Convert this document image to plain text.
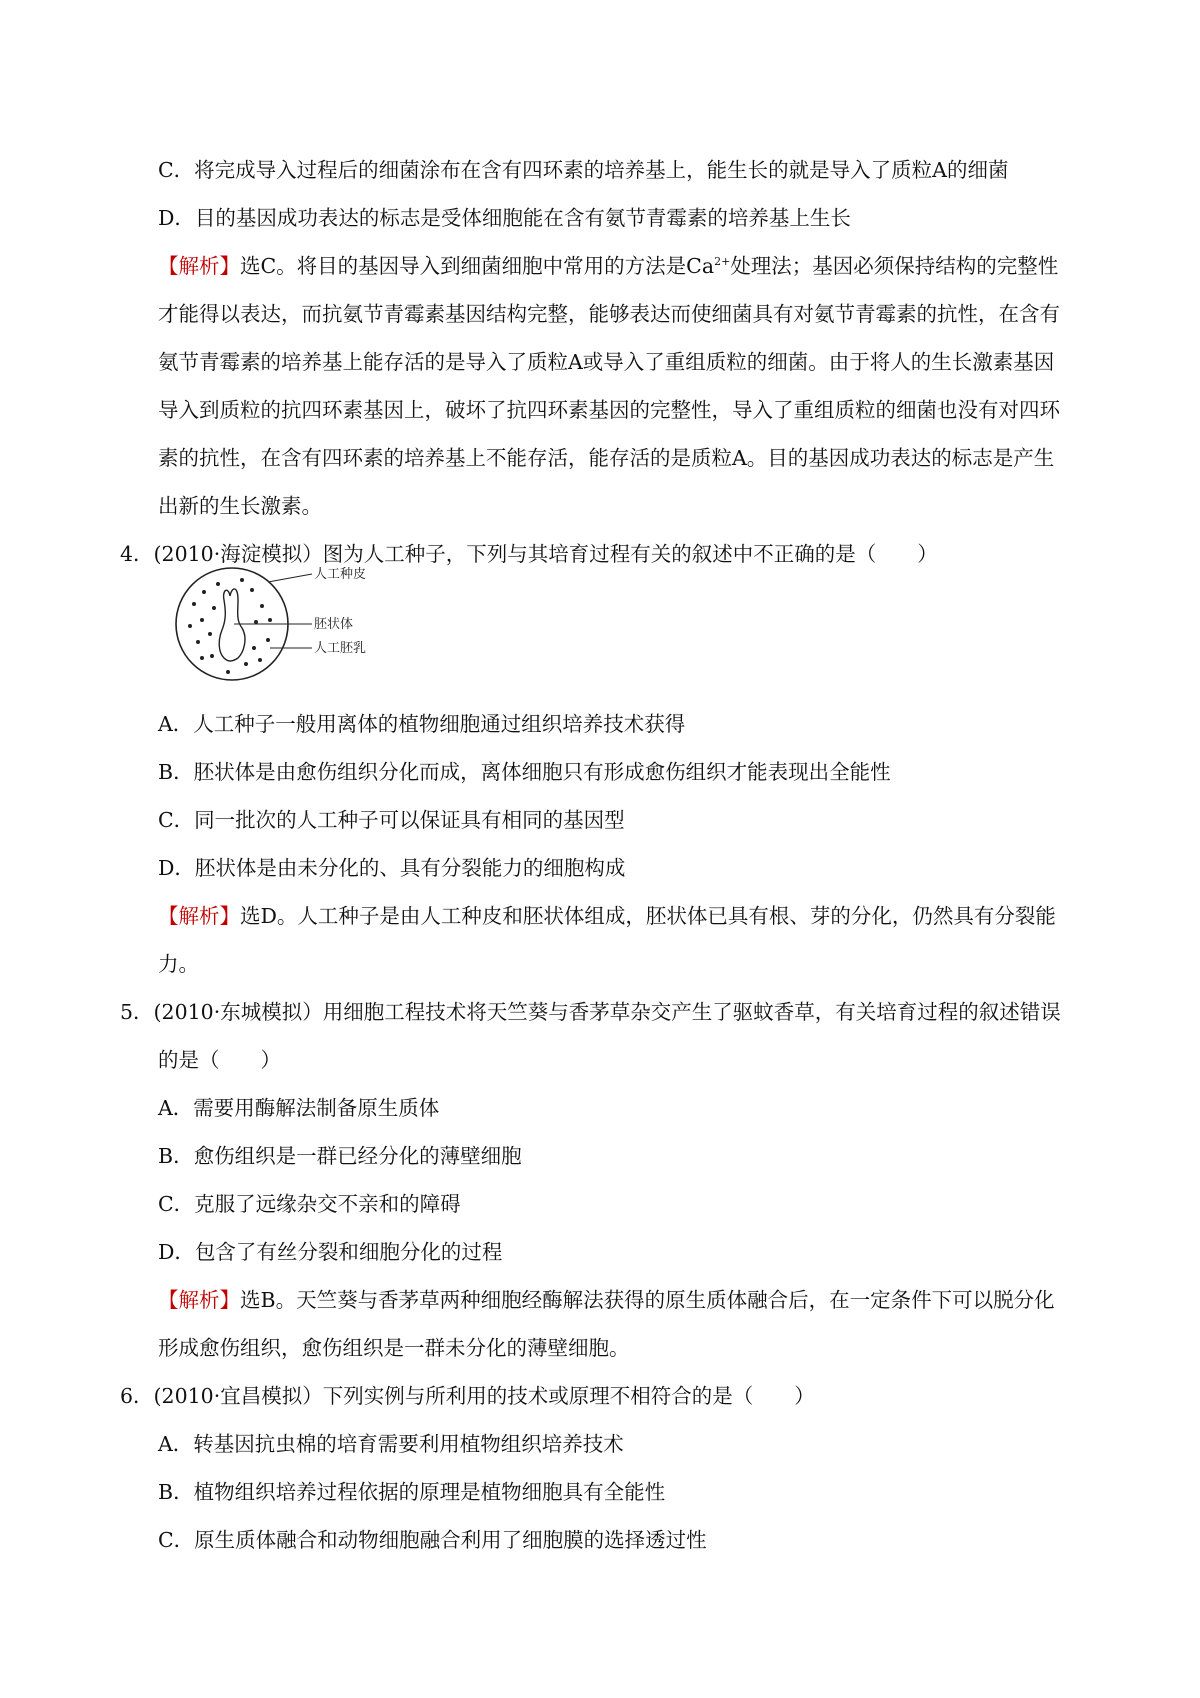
C．将完成导入过程后的细菌涂布在含有四环素的培养基上，能生长的就是导入了质粒A的细菌
D．目的基因成功表达的标志是受体细胞能在含有氨节青霉素的培养基上生长
【解析】选C。将目的基因导入到细菌细胞中常用的方法是$Ca^{2+}$处理法；基因必须保持结构的完整性
才能得以表达，而抗氨节青霉素基因结构完整，能够表达而使细菌具有对氨节青霉素的抗性，在含有
氨节青霉素的培养基上能存活的是导入了质粒A或导入了重组质粒的细菌。由于将人的生长激素基因
导入到质粒的抗四环素基因上，破坏了抗四环素基因的完整性，导入了重组质粒的细菌也没有对四环
素的抗性，在含有四环素的培养基上不能存活，能存活的是质粒A。目的基因成功表达的标志是产生
出新的生长激素。
4．(2010·海淀模拟）图为人工种子，下列与其培育过程有关的叙述中不正确的是（　　）
人工种皮
胚状体
人工胚乳
A．人工种子一般用离体的植物细胞通过组织培养技术获得
B．胚状体是由愈伤组织分化而成，离体细胞只有形成愈伤组织才能表现出全能性
C．同一批次的人工种子可以保证具有相同的基因型
D．胚状体是由未分化的、具有分裂能力的细胞构成
【解析】选D。人工种子是由人工种皮和胚状体组成，胚状体已具有根、芽的分化，仍然具有分裂能
力。
5．(2010·东城模拟）用细胞工程技术将天竺葵与香茅草杂交产生了驱蚊香草，有关培育过程的叙述错误
的是（　　）
A．需要用酶解法制备原生质体
B．愈伤组织是一群已经分化的薄壁细胞
C．克服了远缘杂交不亲和的障碍
D．包含了有丝分裂和细胞分化的过程
【解析】选B。天竺葵与香茅草两种细胞经酶解法获得的原生质体融合后，在一定条件下可以脱分化
形成愈伤组织，愈伤组织是一群未分化的薄壁细胞。
6．(2010·宜昌模拟）下列实例与所利用的技术或原理不相符合的是（　　）
A．转基因抗虫棉的培育需要利用植物组织培养技术
B．植物组织培养过程依据的原理是植物细胞具有全能性
C．原生质体融合和动物细胞融合利用了细胞膜的选择透过性
